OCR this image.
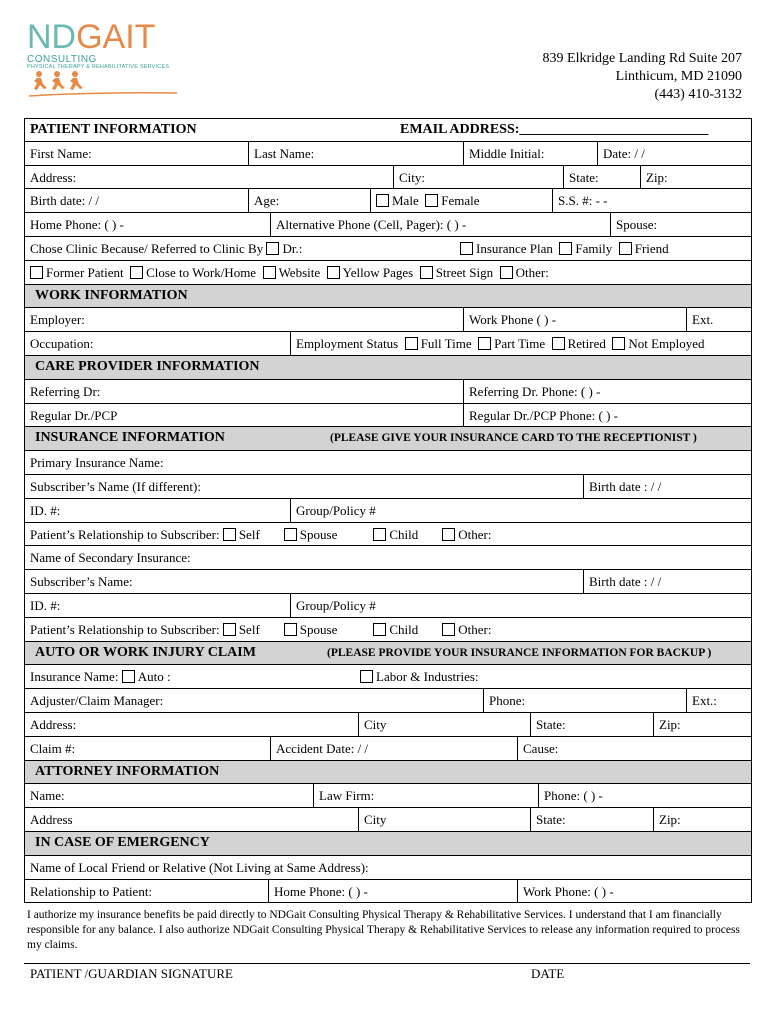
NDGAIT
CONSULTING
PHYSICAL THERAPY & REHABILITATIVE SERVICES
839 Elkridge Landing Rd Suite 207
Linthicum, MD 21090
(443) 410-3132
PATIENT INFORMATION	EMAIL ADDRESS:___________________________
First Name:	Last Name:	Middle Initial:	Date: / /
Address:	City:	State:	Zip:
Birth date: / /	Age:	Male Female	S.S. #: - -
Home Phone: ( ) -	Alternative Phone (Cell, Pager): ( ) -	Spouse:
Chose Clinic Because/ Referred to Clinic By Dr.:	Insurance Plan Family Friend
Former Patient Close to Work/Home Website Yellow Pages Street Sign Other:
WORK INFORMATION
Employer:	Work Phone ( ) -	Ext.
Occupation:	Employment Status Full Time Part Time Retired Not Employed
CARE PROVIDER INFORMATION
Referring Dr:	Referring Dr. Phone: ( ) -
Regular Dr./PCP	Regular Dr./PCP Phone: ( ) -
INSURANCE INFORMATION	(PLEASE GIVE YOUR INSURANCE CARD TO THE RECEPTIONIST )
Primary Insurance Name:
Subscriber’s Name (If different):	Birth date : / /
ID. #:	Group/Policy #
Patient’s Relationship to Subscriber: Self	Spouse	Child	Other:
Name of Secondary Insurance:
Subscriber’s Name:	Birth date : / /
ID. #:	Group/Policy #
Patient’s Relationship to Subscriber: Self	Spouse	Child	Other:
AUTO OR WORK INJURY CLAIM	(PLEASE PROVIDE YOUR INSURANCE INFORMATION FOR BACKUP )
Insurance Name: Auto :	Labor & Industries:
Adjuster/Claim Manager:	Phone:	Ext.:
Address:	City	State:	Zip:
Claim #:	Accident Date: / /	Cause:
ATTORNEY INFORMATION
Name:	Law Firm:	Phone: ( ) -
Address	City	State:	Zip:
IN CASE OF EMERGENCY
Name of Local Friend or Relative (Not Living at Same Address):
Relationship to Patient:	Home Phone: ( ) -	Work Phone: ( ) -
I authorize my insurance benefits be paid directly to NDGait Consulting Physical Therapy & Rehabilitative Services. I understand that I am financially responsible for any balance. I also authorize NDGait Consulting Physical Therapy & Rehabilitative Services to release any information required to process my claims.
PATIENT /GUARDIAN SIGNATURE	DATE
